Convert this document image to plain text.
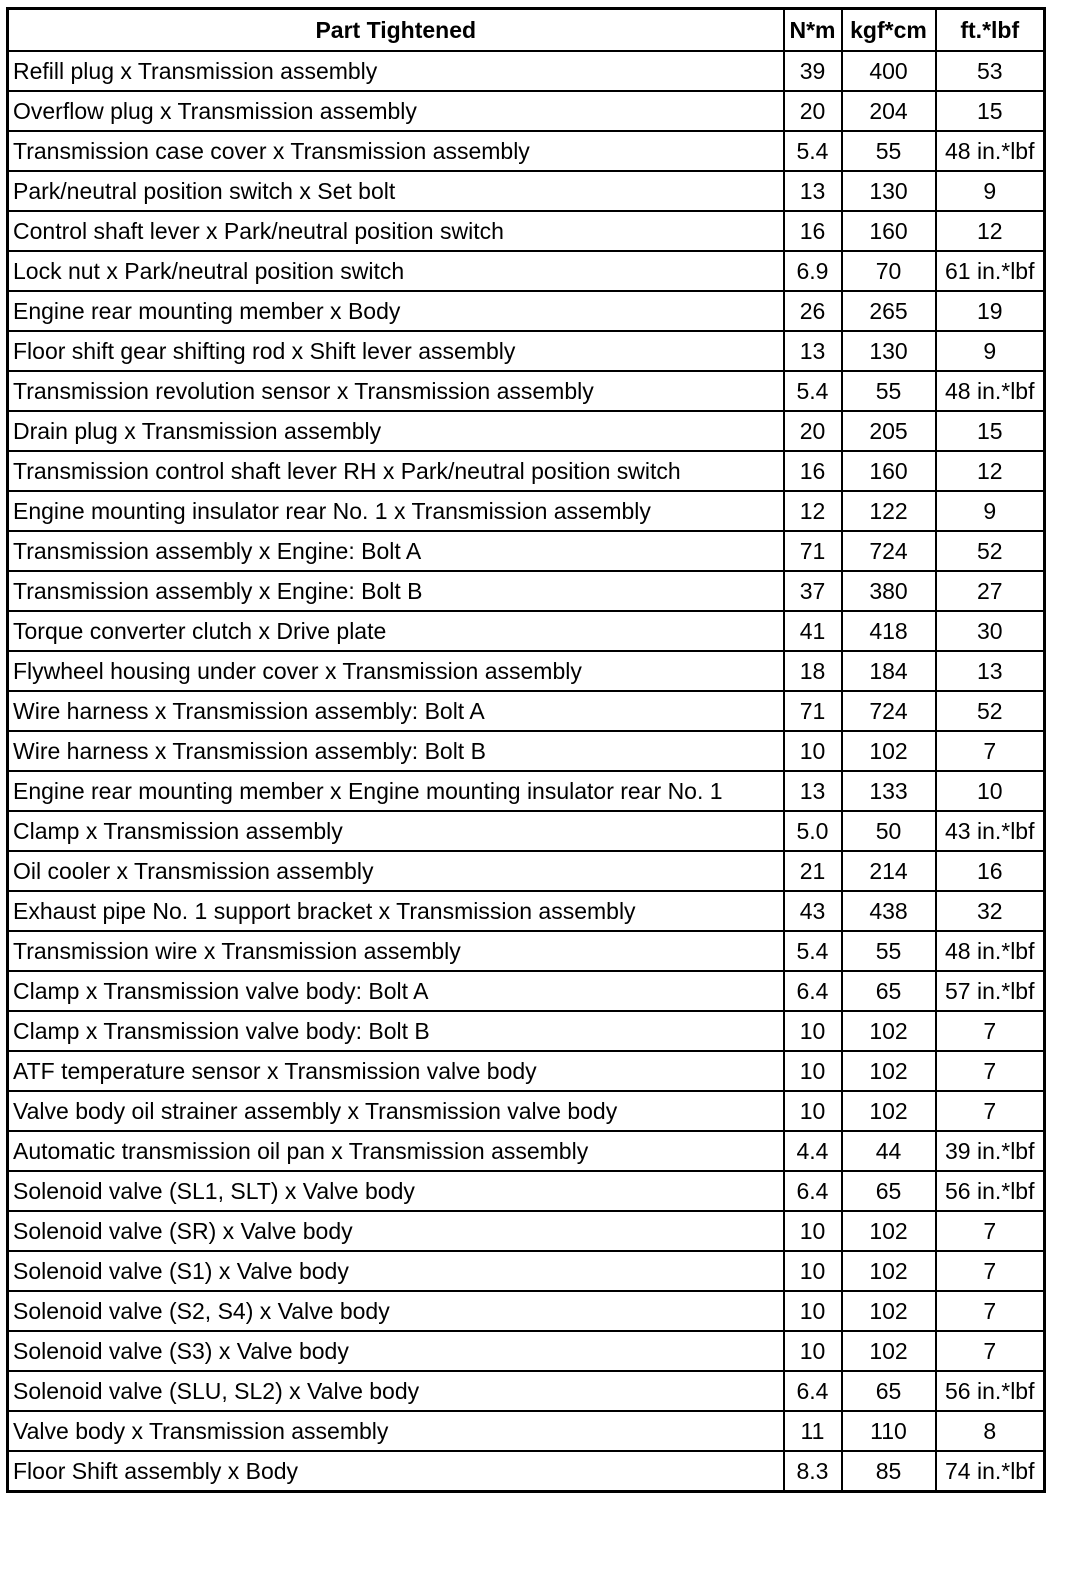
Part Tightened	N*m	kgf*cm	ft.*lbf
Refill plug x Transmission assembly	39	400	53
Overflow plug x Transmission assembly	20	204	15
Transmission case cover x Transmission assembly	5.4	55	48 in.*lbf
Park/neutral position switch x Set bolt	13	130	9
Control shaft lever x Park/neutral position switch	16	160	12
Lock nut x Park/neutral position switch	6.9	70	61 in.*lbf
Engine rear mounting member x Body	26	265	19
Floor shift gear shifting rod x Shift lever assembly	13	130	9
Transmission revolution sensor x Transmission assembly	5.4	55	48 in.*lbf
Drain plug x Transmission assembly	20	205	15
Transmission control shaft lever RH x Park/neutral position switch	16	160	12
Engine mounting insulator rear No. 1 x Transmission assembly	12	122	9
Transmission assembly x Engine: Bolt A	71	724	52
Transmission assembly x Engine: Bolt B	37	380	27
Torque converter clutch x Drive plate	41	418	30
Flywheel housing under cover x Transmission assembly	18	184	13
Wire harness x Transmission assembly: Bolt A	71	724	52
Wire harness x Transmission assembly: Bolt B	10	102	7
Engine rear mounting member x Engine mounting insulator rear No. 1	13	133	10
Clamp x Transmission assembly	5.0	50	43 in.*lbf
Oil cooler x Transmission assembly	21	214	16
Exhaust pipe No. 1 support bracket x Transmission assembly	43	438	32
Transmission wire x Transmission assembly	5.4	55	48 in.*lbf
Clamp x Transmission valve body: Bolt A	6.4	65	57 in.*lbf
Clamp x Transmission valve body: Bolt B	10	102	7
ATF temperature sensor x Transmission valve body	10	102	7
Valve body oil strainer assembly x Transmission valve body	10	102	7
Automatic transmission oil pan x Transmission assembly	4.4	44	39 in.*lbf
Solenoid valve (SL1, SLT) x Valve body	6.4	65	56 in.*lbf
Solenoid valve (SR) x Valve body	10	102	7
Solenoid valve (S1) x Valve body	10	102	7
Solenoid valve (S2, S4) x Valve body	10	102	7
Solenoid valve (S3) x Valve body	10	102	7
Solenoid valve (SLU, SL2) x Valve body	6.4	65	56 in.*lbf
Valve body x Transmission assembly	11	110	8
Floor Shift assembly x Body	8.3	85	74 in.*lbf
